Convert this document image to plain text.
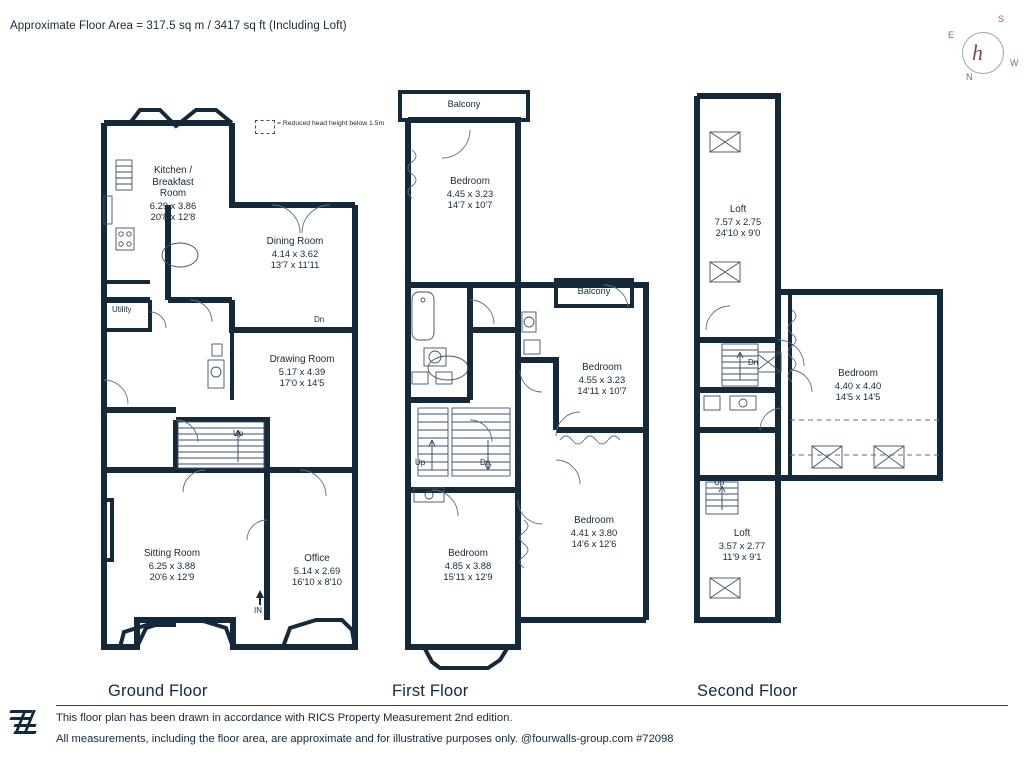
Approximate Floor Area = 317.5 sq m / 3417 sq ft (Including Loft)
h
N
S
E
W
= Reduced head height below 1.5m
Kitchen /
Breakfast
Room
6.29 x 3.86
20'8 x 12'8
Dining Room
4.14 x 3.62
13'7 x 11'11
Drawing Room
5.17 x 4.39
17'0 x 14'5
Sitting Room
6.25 x 3.88
20'6 x 12'9
Office
5.14 x 2.69
16'10 x 8'10
Utility
Up
Dn
IN
Balcony
Bedroom
4.45 x 3.23
14'7 x 10'7
Balcony
Bedroom
4.55 x 3.23
14'11 x 10'7
Bedroom
4.41 x 3.80
14'6 x 12'6
Bedroom
4.85 x 3.88
15'11 x 12'9
Up	Dn
Loft
7.57 x 2.75
24'10 x 9'0
Bedroom
4.40 x 4.40
14'5 x 14'5
Loft
3.57 x 2.77
11'9 x 9'1
Dn
Up
Ground Floor	First Floor	Second Floor
This floor plan has been drawn in accordance with RICS Property Measurement 2nd edition.
All measurements, including the floor area, are approximate and for illustrative purposes only. @fourwalls-group.com #72098
